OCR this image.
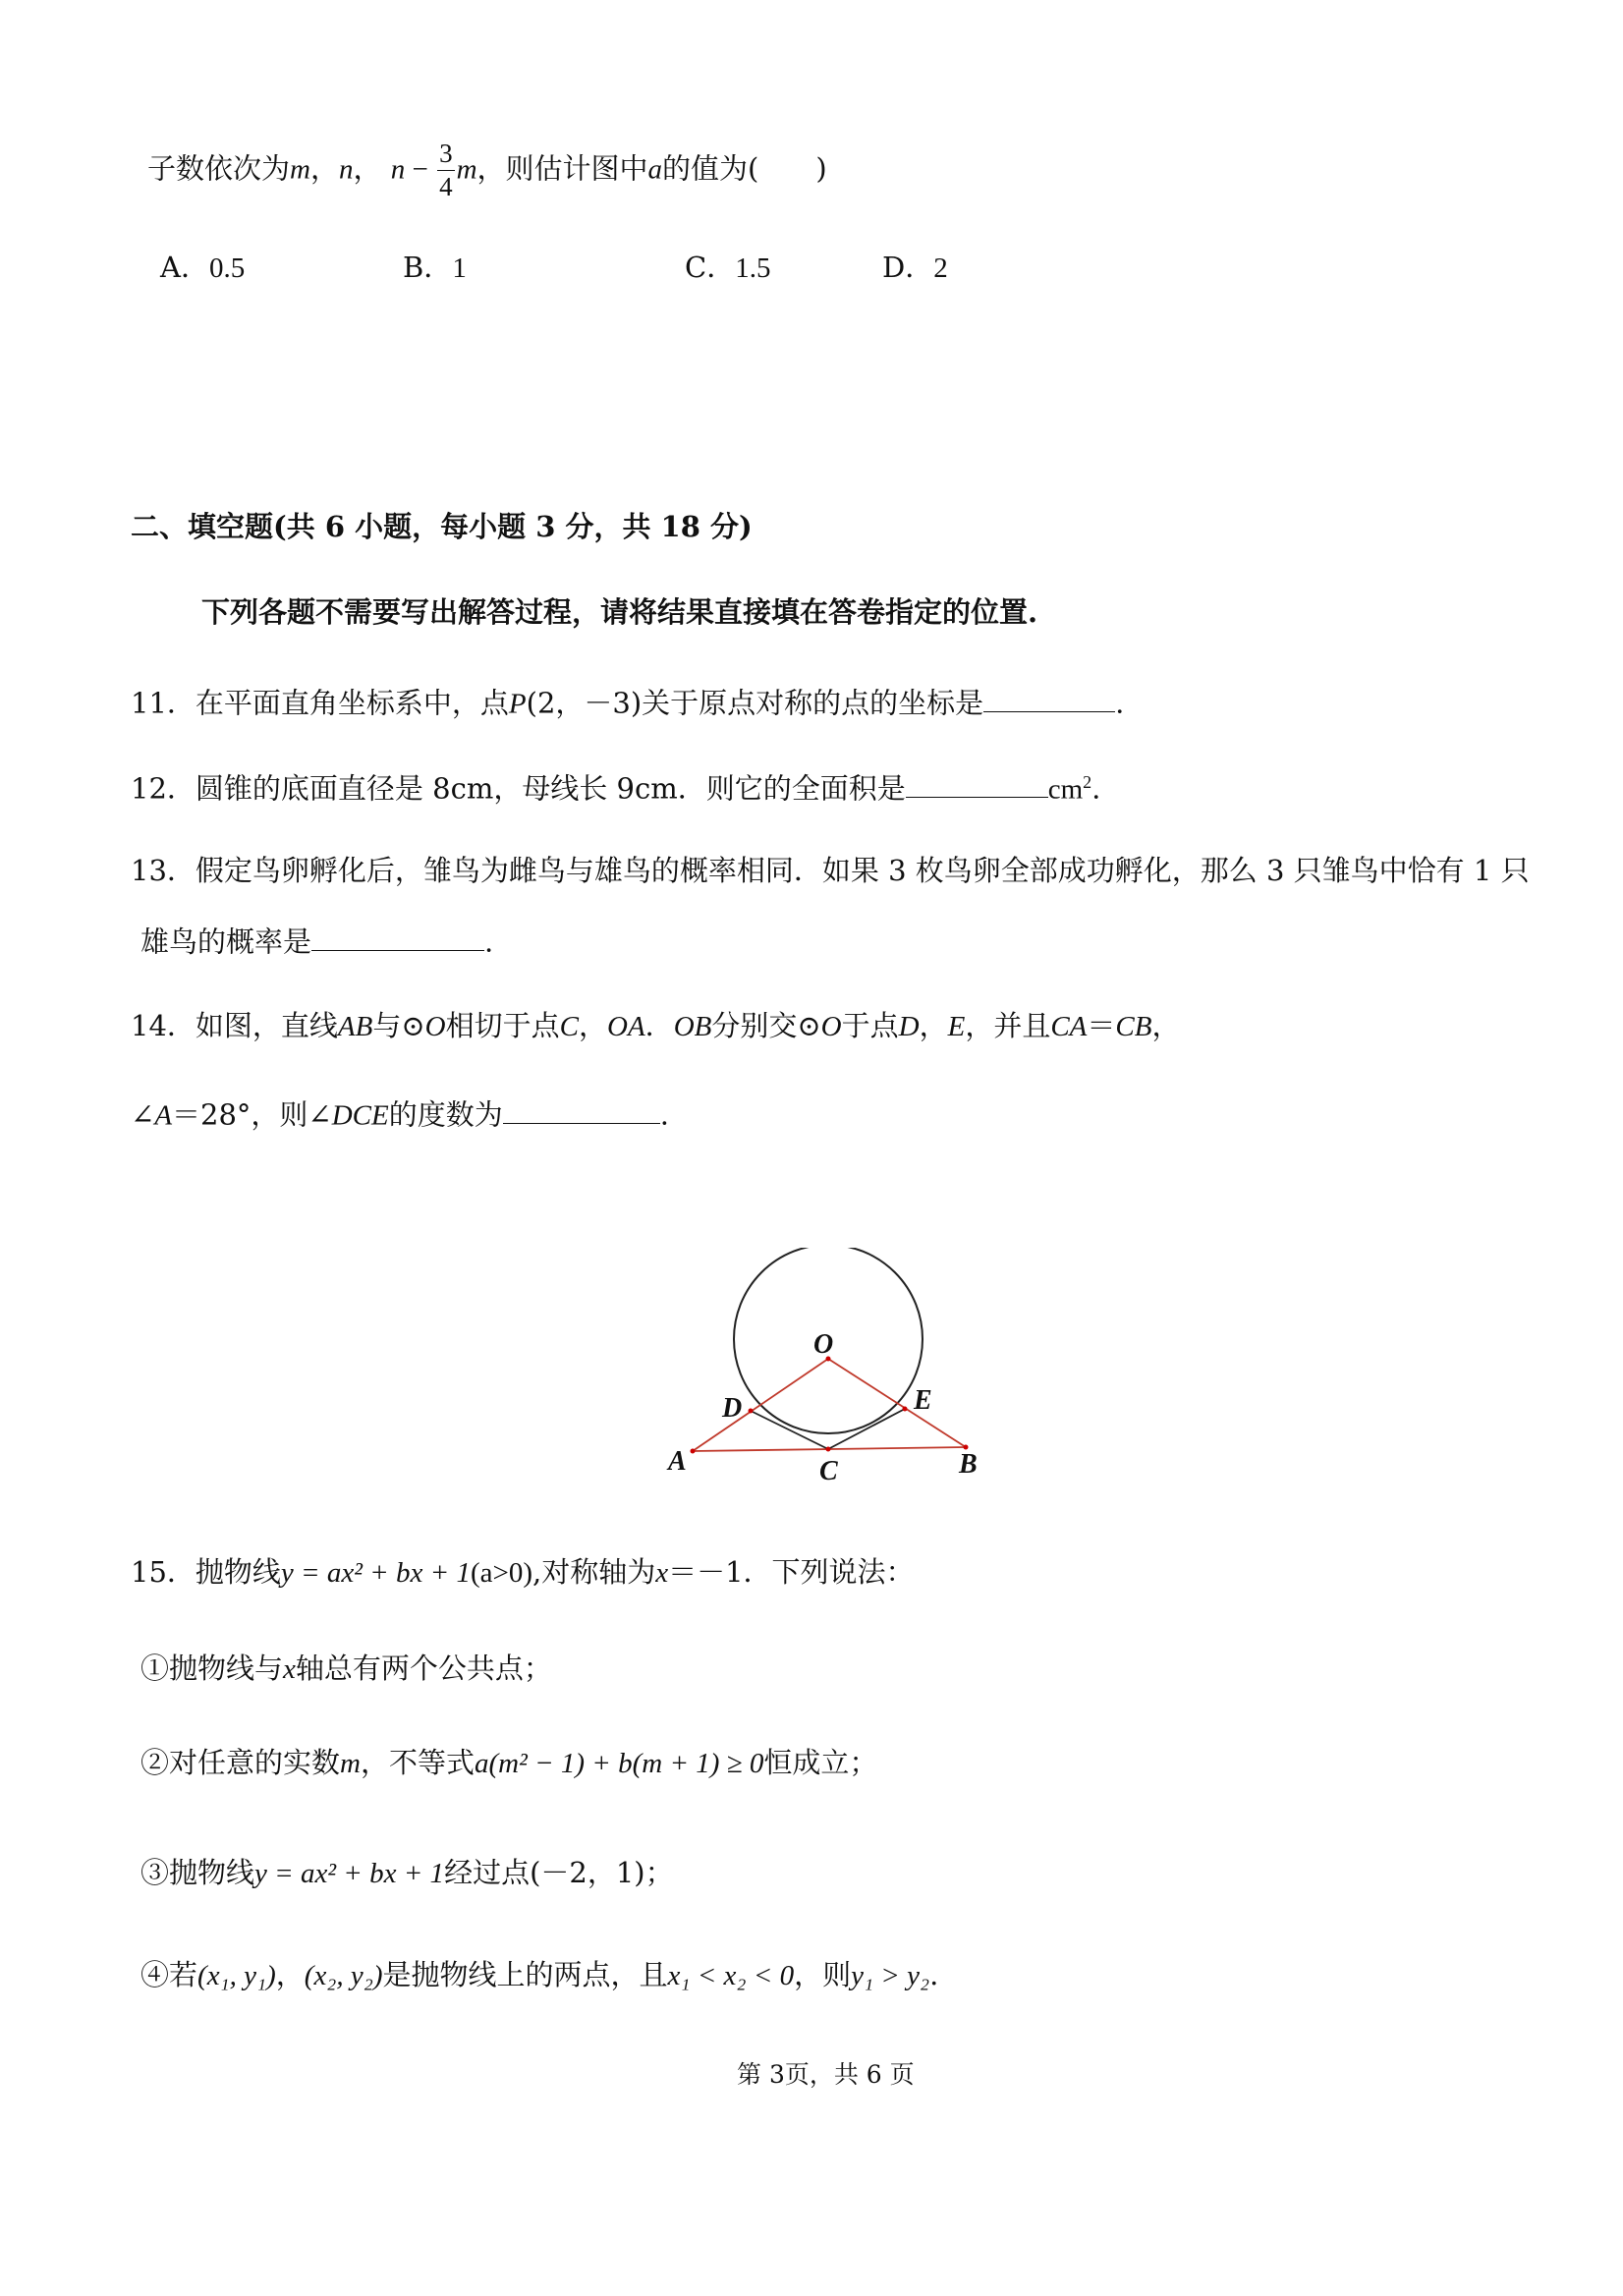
子数依次为m，n， $n - \frac{3}{4}$ m，则估计图中a的值为(　　)
A．0.5	B．1	C．1.5	D．2
二、填空题(共 6 小题，每小题 3 分，共 18 分)
下列各题不需要写出解答过程，请将结果直接填在答卷指定的位置.
11．在平面直角坐标系中，点P(2，－3)关于原点对称的点的坐标是	.
12．圆锥的底面直径是 8cm，母线长 9cm．则它的全面积是	$cm^2$.
13．假定鸟卵孵化后，雏鸟为雌鸟与雄鸟的概率相同．如果 3 枚鸟卵全部成功孵化，那么 3 只雏鸟中恰有 1 只
雄鸟的概率是	.
14．如图，直线AB与⊙O相切于点C，OA．OB分别交⊙O于点D，E，并且CA＝CB，
∠A＝28°，则∠DCE的度数为	.
O
D	E
A	C	B
15．抛物线y = ax² + bx + 1(a>0),对称轴为x＝－1．下列说法：
①抛物线与x轴总有两个公共点；
②对任意的实数m，不等式a(m² − 1) + b(m + 1) ≥ 0恒成立；
③抛物线y = ax² + bx + 1经过点(－2，1)；
④若(x₁, y₁)，(x₂, y₂)是抛物线上的两点，且x₁ < x₂ < 0，则y₁ > y₂.
第 3页，共 6 页
